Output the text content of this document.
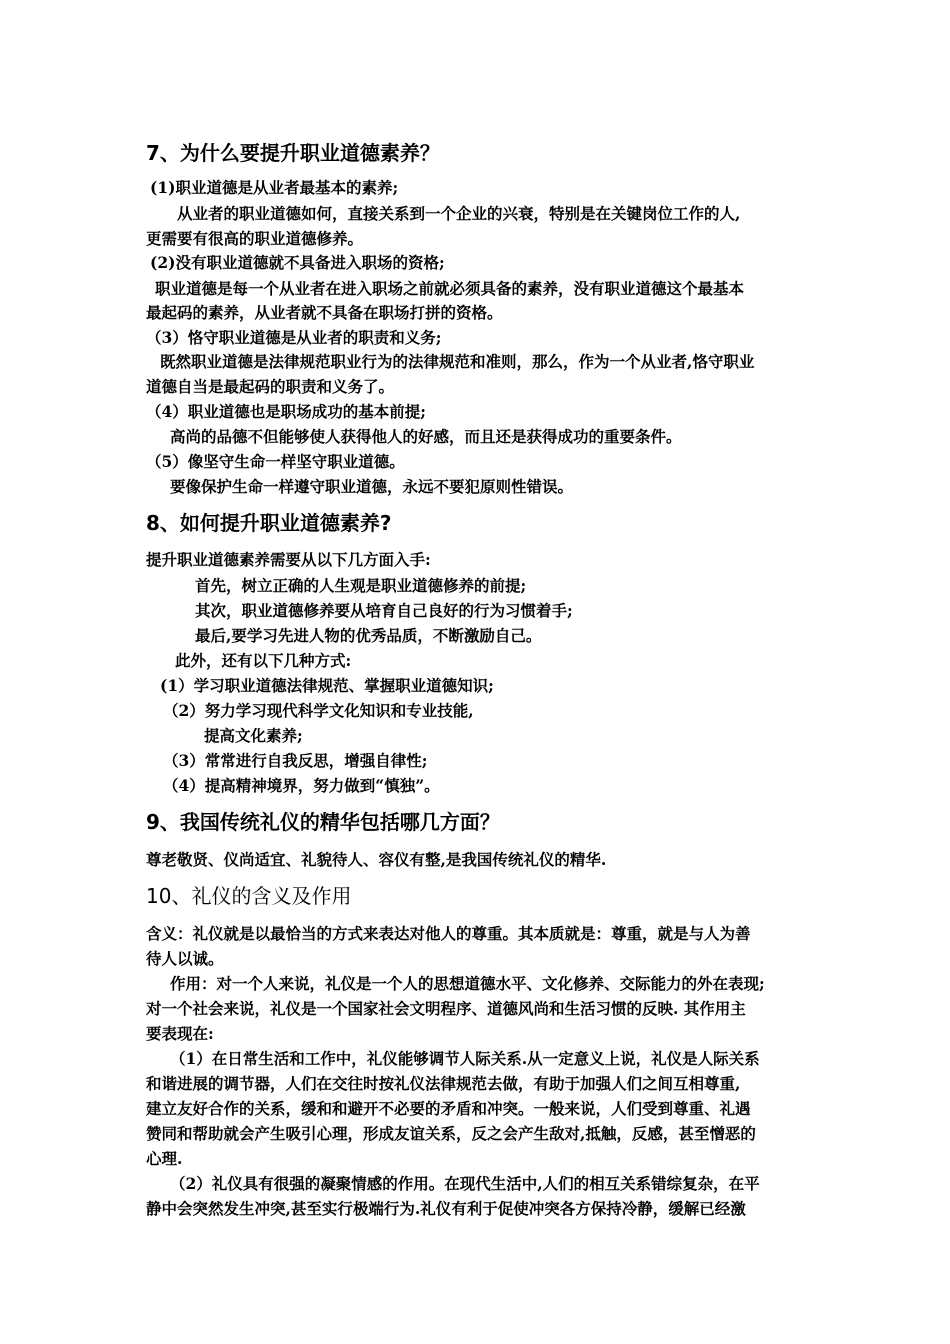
7、为什么要提升职业道德素养？
(1)职业道德是从业者最基本的素养;
从业者的职业道德如何，直接关系到一个企业的兴衰，特别是在关键岗位工作的人,
更需要有很高的职业道德修养。
(2)没有职业道德就不具备进入职场的资格;
职业道德是每一个从业者在进入职场之前就必须具备的素养，没有职业道德这个最基本
最起码的素养，从业者就不具备在职场打拼的资格。
（3）恪守职业道德是从业者的职责和义务;
既然职业道德是法律规范职业行为的法律规范和准则，那么，作为一个从业者,恪守职业
道德自当是最起码的职责和义务了。
（4）职业道德也是职场成功的基本前提;
高尚的品德不但能够使人获得他人的好感，而且还是获得成功的重要条件。
（5）像坚守生命一样坚守职业道德。
要像保护生命一样遵守职业道德，永远不要犯原则性错误。
8、如何提升职业道德素养?
提升职业道德素养需要从以下几方面入手:
首先，树立正确的人生观是职业道德修养的前提;
其次，职业道德修养要从培育自己良好的行为习惯着手;
最后,要学习先进人物的优秀品质，不断激励自己。
此外，还有以下几种方式:
(1）学习职业道德法律规范、掌握职业道德知识;
（2）努力学习现代科学文化知识和专业技能,
提高文化素养;
（3）常常进行自我反思，增强自律性;
（4）提高精神境界，努力做到“慎独”。
9、我国传统礼仪的精华包括哪几方面？
尊老敬贤、仪尚适宜、礼貌待人、容仪有整,是我国传统礼仪的精华.
10、礼仪的含义及作用
含义：礼仪就是以最恰当的方式来表达对他人的尊重。其本质就是：尊重，就是与人为善
待人以诚。
作用：对一个人来说，礼仪是一个人的思想道德水平、文化修养、交际能力的外在表现;
对一个社会来说，礼仪是一个国家社会文明程序、道德风尚和生活习惯的反映. 其作用主
要表现在:
（1）在日常生活和工作中，礼仪能够调节人际关系.从一定意义上说，礼仪是人际关系
和谐进展的调节器，人们在交往时按礼仪法律规范去做，有助于加强人们之间互相尊重,
建立友好合作的关系，缓和和避开不必要的矛盾和冲突。一般来说，人们受到尊重、礼遇
赞同和帮助就会产生吸引心理，形成友谊关系，反之会产生敌对,抵触，反感，甚至憎恶的
心理.
（2）礼仪具有很强的凝聚情感的作用。在现代生活中,人们的相互关系错综复杂，在平
静中会突然发生冲突,甚至实行极端行为.礼仪有利于促使冲突各方保持冷静，缓解已经激
